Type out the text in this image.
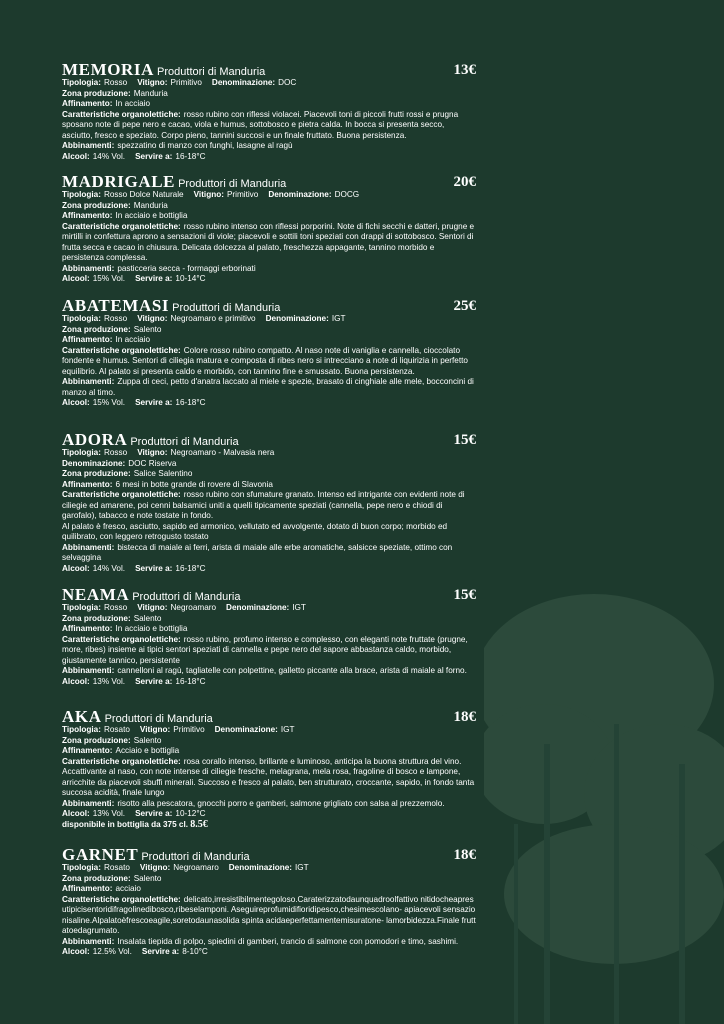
MEMORIA Produttori di Manduria	13€
Tipologia: Rosso Vitigno: Primitivo Denominazione: DOC
Zona produzione: Manduria
Affinamento: In acciaio
Caratteristiche organolettiche: rosso rubino con riflessi violacei. Piacevoli toni di piccoli frutti rossi e prugna sposano note di pepe nero e cacao, viola e humus, sottobosco e pietra calda. In bocca si presenta secco, asciutto, fresco e speziato. Corpo pieno, tannini succosi e un finale fruttato. Buona persistenza.
Abbinamenti: spezzatino di manzo con funghi, lasagne al ragù
Alcool: 14% Vol. Servire a: 16-18°C
MADRIGALE Produttori di Manduria	20€
Tipologia: Rosso Dolce Naturale Vitigno: Primitivo Denominazione: DOCG
Zona produzione: Manduria
Affinamento: In acciaio e bottiglia
Caratteristiche organolettiche: rosso rubino intenso con riflessi porporini. Note di fichi secchi e datteri, prugne e mirtilli in confettura aprono a sensazioni di viole; piacevoli e sottili toni speziati con drappi di sottobosco. Sentori di frutta secca e cacao in chiusura. Delicata dolcezza al palato, freschezza appagante, tannino morbido e persistenza complessa.
Abbinamenti: pasticceria secca - formaggi erborinati
Alcool: 15% Vol. Servire a: 10-14°C
ABATEMASI Produttori di Manduria	25€
Tipologia: Rosso Vitigno: Negroamaro e primitivo Denominazione: IGT
Zona produzione: Salento
Affinamento: In acciaio
Caratteristiche organolettiche: Colore rosso rubino compatto. Al naso note di vaniglia e cannella, cioccolato fondente e humus. Sentori di ciliegia matura e composta di ribes nero si intrecciano a note di liquirizia in perfetto equilibrio. Al palato si presenta caldo e morbido, con tannino fine e smussato. Buona persistenza.
Abbinamenti: Zuppa di ceci, petto d'anatra laccato al miele e spezie, brasato di cinghiale alle mele, bocconcini di manzo al timo.
Alcool: 15% Vol. Servire a: 16-18°C
ADORA Produttori di Manduria	15€
Tipologia: Rosso Vitigno: Negroamaro - Malvasia nera
Denominazione: DOC Riserva
Zona produzione: Salice Salentino
Affinamento: 6 mesi in botte grande di rovere di Slavonia
Caratteristiche organolettiche: rosso rubino con sfumature granato. Intenso ed intrigante con evidenti note di ciliegie ed amarene, poi cenni balsamici uniti a quelli tipicamente speziati (cannella, pepe nero e chiodi di garofalo), tabacco e note tostate in fondo.
Al palato è fresco, asciutto, sapido ed armonico, vellutato ed avvolgente, dotato di buon corpo; morbido ed quilibrato, con leggero retrogusto tostato
Abbinamenti: bistecca di maiale ai ferri, arista di maiale alle erbe aromatiche, salsicce speziate, ottimo con selvaggina
Alcool: 14% Vol. Servire a: 16-18°C
NEAMA Produttori di Manduria	15€
Tipologia: Rosso Vitigno: Negroamaro Denominazione: IGT
Zona produzione: Salento
Affinamento: In acciaio e bottiglia
Caratteristiche organolettiche: rosso rubino, profumo intenso e complesso, con eleganti note fruttate (prugne, more, ribes) insieme ai tipici sentori speziati di cannella e pepe nero del sapore abbastanza caldo, morbido, giustamente tannico, persistente
Abbinamenti: cannelloni al ragù, tagliatelle con polpettine, galletto piccante alla brace, arista di maiale al forno.
Alcool: 13% Vol. Servire a: 16-18°C
AKA Produttori di Manduria	18€
Tipologia: Rosato Vitigno: Primitivo Denominazione: IGT
Zona produzione: Salento
Affinamento: Acciaio e bottiglia
Caratteristiche organolettiche: rosa corallo intenso, brillante e luminoso, anticipa la buona struttura del vino. Accattivante al naso, con note intense di ciliegie fresche, melagrana, mela rosa, fragoline di bosco e lampone, arricchite da piacevoli sbuffi minerali. Succoso e fresco al palato, ben strutturato, croccante, sapido, in fondo tanta succosa acidità, finale lungo
Abbinamenti: risotto alla pescatora, gnocchi porro e gamberi, salmone grigliato con salsa al prezzemolo.
Alcool: 13% Vol. Servire a: 10-12°C
disponibile in bottiglia da 375 cl. 8.5€
GARNET Produttori di Manduria	18€
Tipologia: Rosato Vitigno: Negroamaro Denominazione: IGT
Zona produzione: Salento
Affinamento: acciaio
Caratteristiche organolettiche: delicato,irresistibilmentegoloso.Caraterizzatodaunquadroolfattivo nitidocheapresutipicisentoridifragolinedibosco,ribeselamponi. Aseguireprofumidifioridipesco,chesimescolano- apiacevoli sensazionisaline.Alpalatoèfrescoeagile,soretodaunasolida spinta acidaeperfettamentemisuratone- lamorbidezza.Finale fruttatoedagrumato.
Abbinamenti: Insalata tiepida di polpo, spiedini di gamberi, trancio di salmone con pomodori e timo, sashimi.
Alcool: 12.5% Vol. Servire a: 8-10°C
